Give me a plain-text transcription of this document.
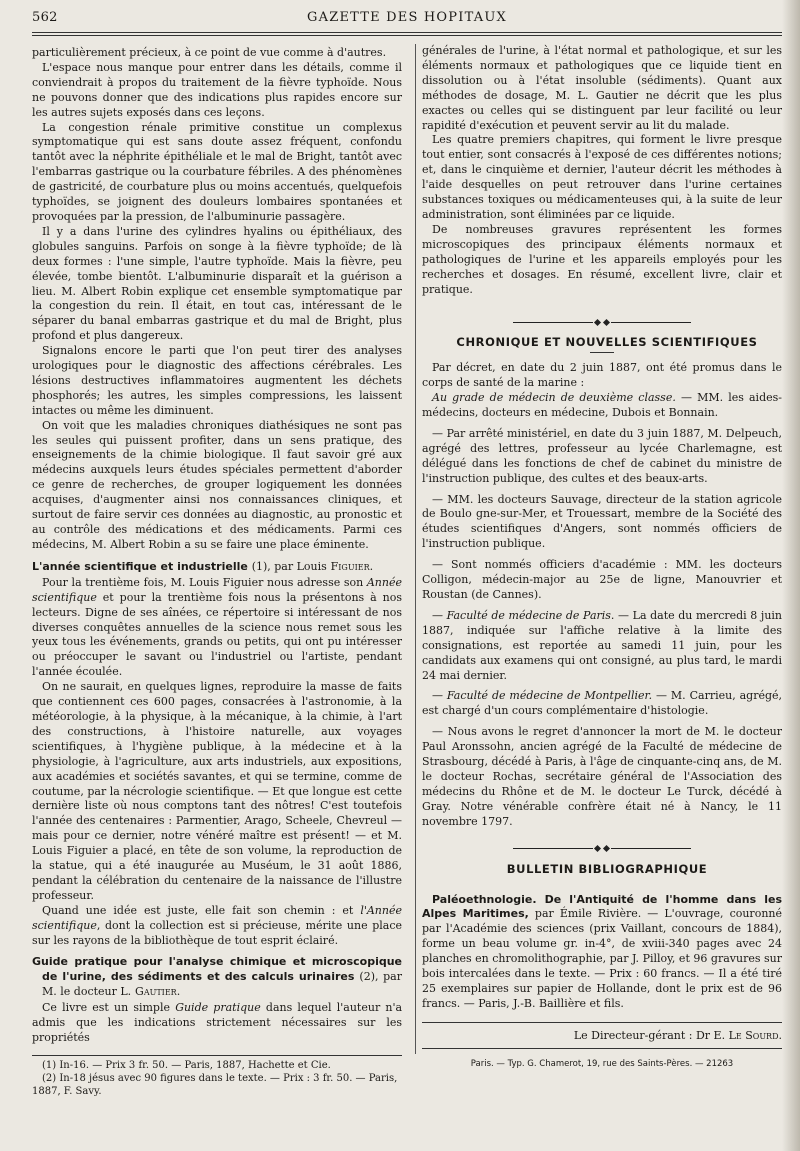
562	GAZETTE DES HOPITAUX

particulièrement précieux, à ce point de vue comme à d'autres.

L'espace nous manque pour entrer dans les détails, comme il conviendrait à propos du traitement de la fièvre typhoïde. Nous ne pouvons donner que des indications plus rapides encore sur les autres sujets exposés dans ces leçons.

La congestion rénale primitive constitue un complexus symptomatique qui est sans doute assez fréquent, confondu tantôt avec la néphrite épithéliale et le mal de Bright, tantôt avec l'embarras gastrique ou la courbature fébriles. A des phénomènes de gastricité, de courbature plus ou moins accentués, quelquefois typhoïdes, se joignent des douleurs lombaires spontanées et provoquées par la pression, de l'albuminurie passagère.

Il y a dans l'urine des cylindres hyalins ou épithéliaux, des globules sanguins. Parfois on songe à la fièvre typhoïde; de là deux formes : l'une simple, l'autre typhoïde. Mais la fièvre, peu élevée, tombe bientôt. L'albuminurie disparaît et la guérison a lieu. M. Albert Robin explique cet ensemble symptomatique par la congestion du rein. Il était, en tout cas, intéressant de le séparer du banal embarras gastrique et du mal de Bright, plus profond et plus dangereux.

Signalons encore le parti que l'on peut tirer des analyses urologiques pour le diagnostic des affections cérébrales. Les lésions destructives inflammatoires augmentent les déchets phosphorés; les autres, les simples compressions, les laissent intactes ou même les diminuent.

On voit que les maladies chroniques diathésiques ne sont pas les seules qui puissent profiter, dans un sens pratique, des enseignements de la chimie biologique. Il faut savoir gré aux médecins auxquels leurs études spéciales permettent d'aborder ce genre de recherches, de grouper logiquement les données acquises, d'augmenter ainsi nos connaissances cliniques, et surtout de faire servir ces données au diagnostic, au pronostic et au contrôle des médications et des médicaments. Parmi ces médecins, M. Albert Robin a su se faire une place éminente.

L'année scientifique et industrielle (1), par Louis Figuier.

Pour la trentième fois, M. Louis Figuier nous adresse son Année scientifique et pour la trentième fois nous la présentons à nos lecteurs. Digne de ses aînées, ce répertoire si intéressant de nos diverses conquêtes annuelles de la science nous remet sous les yeux tous les événements, grands ou petits, qui ont pu intéresser ou préoccuper le savant ou l'industriel ou l'artiste, pendant l'année écoulée.

On ne saurait, en quelques lignes, reproduire la masse de faits que contiennent ces 600 pages, consacrées à l'astronomie, à la météorologie, à la physique, à la mécanique, à la chimie, à l'art des constructions, à l'histoire naturelle, aux voyages scientifiques, à l'hygiène publique, à la médecine et à la physiologie, à l'agriculture, aux arts industriels, aux expositions, aux académies et sociétés savantes, et qui se termine, comme de coutume, par la nécrologie scientifique. — Et que longue est cette dernière liste où nous comptons tant des nôtres! C'est toutefois l'année des centenaires : Parmentier, Arago, Scheele, Chevreul — mais pour ce dernier, notre vénéré maître est présent! — et M. Louis Figuier a placé, en tête de son volume, la reproduction de la statue, qui a été inaugurée au Muséum, le 31 août 1886, pendant la célébration du centenaire de la naissance de l'illustre professeur.

Quand une idée est juste, elle fait son chemin : et l'Année scientifique, dont la collection est si précieuse, mérite une place sur les rayons de la bibliothèque de tout esprit éclairé.

Guide pratique pour l'analyse chimique et microscopique de l'urine, des sédiments et des calculs urinaires (2), par M. le docteur L. Gautier.

Ce livre est un simple Guide pratique dans lequel l'auteur n'a admis que les indications strictement nécessaires sur les propriétés

(1) In-16. — Prix 3 fr. 50. — Paris, 1887, Hachette et Cie.

(2) In-18 jésus avec 90 figures dans le texte. — Prix : 3 fr. 50. — Paris, 1887, F. Savy.

générales de l'urine, à l'état normal et pathologique, et sur les éléments normaux et pathologiques que ce liquide tient en dissolution ou à l'état insoluble (sédiments). Quant aux méthodes de dosage, M. L. Gautier ne décrit que les plus exactes ou celles qui se distinguent par leur facilité ou leur rapidité d'exécution et peuvent servir au lit du malade.

Les quatre premiers chapitres, qui forment le livre presque tout entier, sont consacrés à l'exposé de ces différentes notions; et, dans le cinquième et dernier, l'auteur décrit les méthodes à l'aide desquelles on peut retrouver dans l'urine certaines substances toxiques ou médicamenteuses qui, à la suite de leur administration, sont éliminées par ce liquide.

De nombreuses gravures représentent les formes microscopiques des principaux éléments normaux et pathologiques de l'urine et les appareils employés pour les recherches et dosages. En résumé, excellent livre, clair et pratique.

CHRONIQUE ET NOUVELLES SCIENTIFIQUES

Par décret, en date du 2 juin 1887, ont été promus dans le corps de santé de la marine :

Au grade de médecin de deuxième classe. — MM. les aides-médecins, docteurs en médecine, Dubois et Bonnain.

— Par arrêté ministériel, en date du 3 juin 1887, M. Delpeuch, agrégé des lettres, professeur au lycée Charlemagne, est délégué dans les fonctions de chef de cabinet du ministre de l'instruction publique, des cultes et des beaux-arts.

— MM. les docteurs Sauvage, directeur de la station agricole de Boulo gne-sur-Mer, et Trouessart, membre de la Société des études scientifiques d'Angers, sont nommés officiers de l'instruction publique.

— Sont nommés officiers d'académie : MM. les docteurs Colligon, médecin-major au 25e de ligne, Manouvrier et Roustan (de Cannes).

— Faculté de médecine de Paris. — La date du mercredi 8 juin 1887, indiquée sur l'affiche relative à la limite des consignations, est reportée au samedi 11 juin, pour les candidats aux examens qui ont consigné, au plus tard, le mardi 24 mai dernier.

— Faculté de médecine de Montpellier. — M. Carrieu, agrégé, est chargé d'un cours complémentaire d'histologie.

— Nous avons le regret d'annoncer la mort de M. le docteur Paul Aronssohn, ancien agrégé de la Faculté de médecine de Strasbourg, décédé à Paris, à l'âge de cinquante-cinq ans, de M. le docteur Rochas, secrétaire général de l'Association des médecins du Rhône et de M. le docteur Le Turck, décédé à Gray. Notre vénérable confrère était né à Nancy, le 11 novembre 1797.

BULLETIN BIBLIOGRAPHIQUE

Paléoethnologie. De l'Antiquité de l'homme dans les Alpes Maritimes, par Émile Rivière. — L'ouvrage, couronné par l'Académie des sciences (prix Vaillant, concours de 1884), forme un beau volume gr. in-4°, de xviii-340 pages avec 24 planches en chromolithographie, par J. Pilloy, et 96 gravures sur bois intercalées dans le texte. — Prix : 60 francs. — Il a été tiré 25 exemplaires sur papier de Hollande, dont le prix est de 96 francs. — Paris, J.-B. Baillière et fils.

Le Directeur-gérant : Dr E. Le Sourd.
Paris. — Typ. G. Chamerot, 19, rue des Saints-Pères. — 21263
